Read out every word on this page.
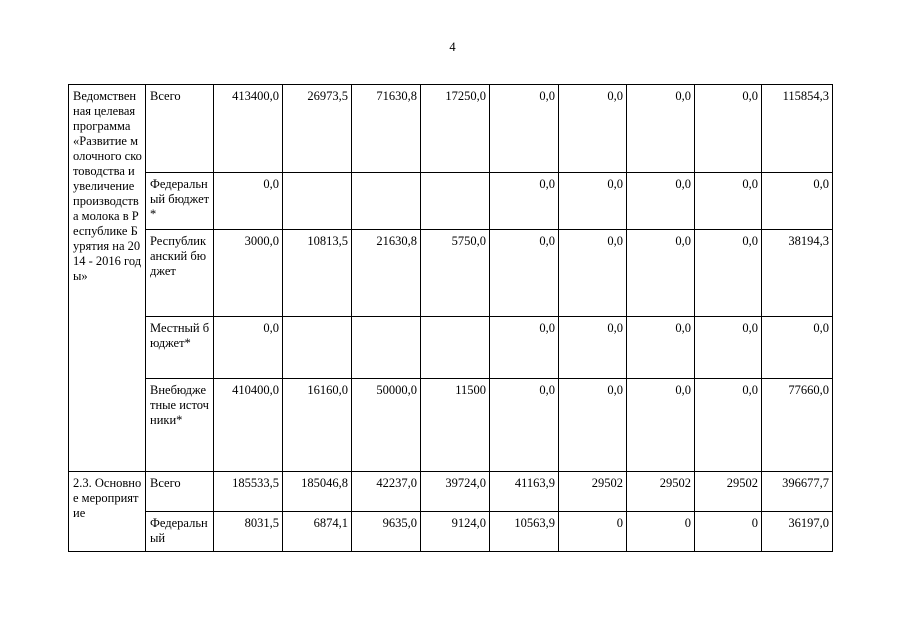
4
Ведомственная целевая программа «Развитие молочного скотоводства и увеличение производства молока в Республике Бурятия на 2014 - 2016 годы»	Всего	413400,0	26973,5	71630,8	17250,0	0,0	0,0	0,0	0,0	115854,3
	Федеральный бюджет *	0,0				0,0	0,0	0,0	0,0	0,0
	Республиканский бюджет	3000,0	10813,5	21630,8	5750,0	0,0	0,0	0,0	0,0	38194,3
	Местный бюджет*	0,0				0,0	0,0	0,0	0,0	0,0
	Внебюджетные источники*	410400,0	16160,0	50000,0	11500	0,0	0,0	0,0	0,0	77660,0
2.3. Основное мероприятие	Всего	185533,5	185046,8	42237,0	39724,0	41163,9	29502	29502	29502	396677,7
	Федеральный	8031,5	6874,1	9635,0	9124,0	10563,9	0	0	0	36197,0
